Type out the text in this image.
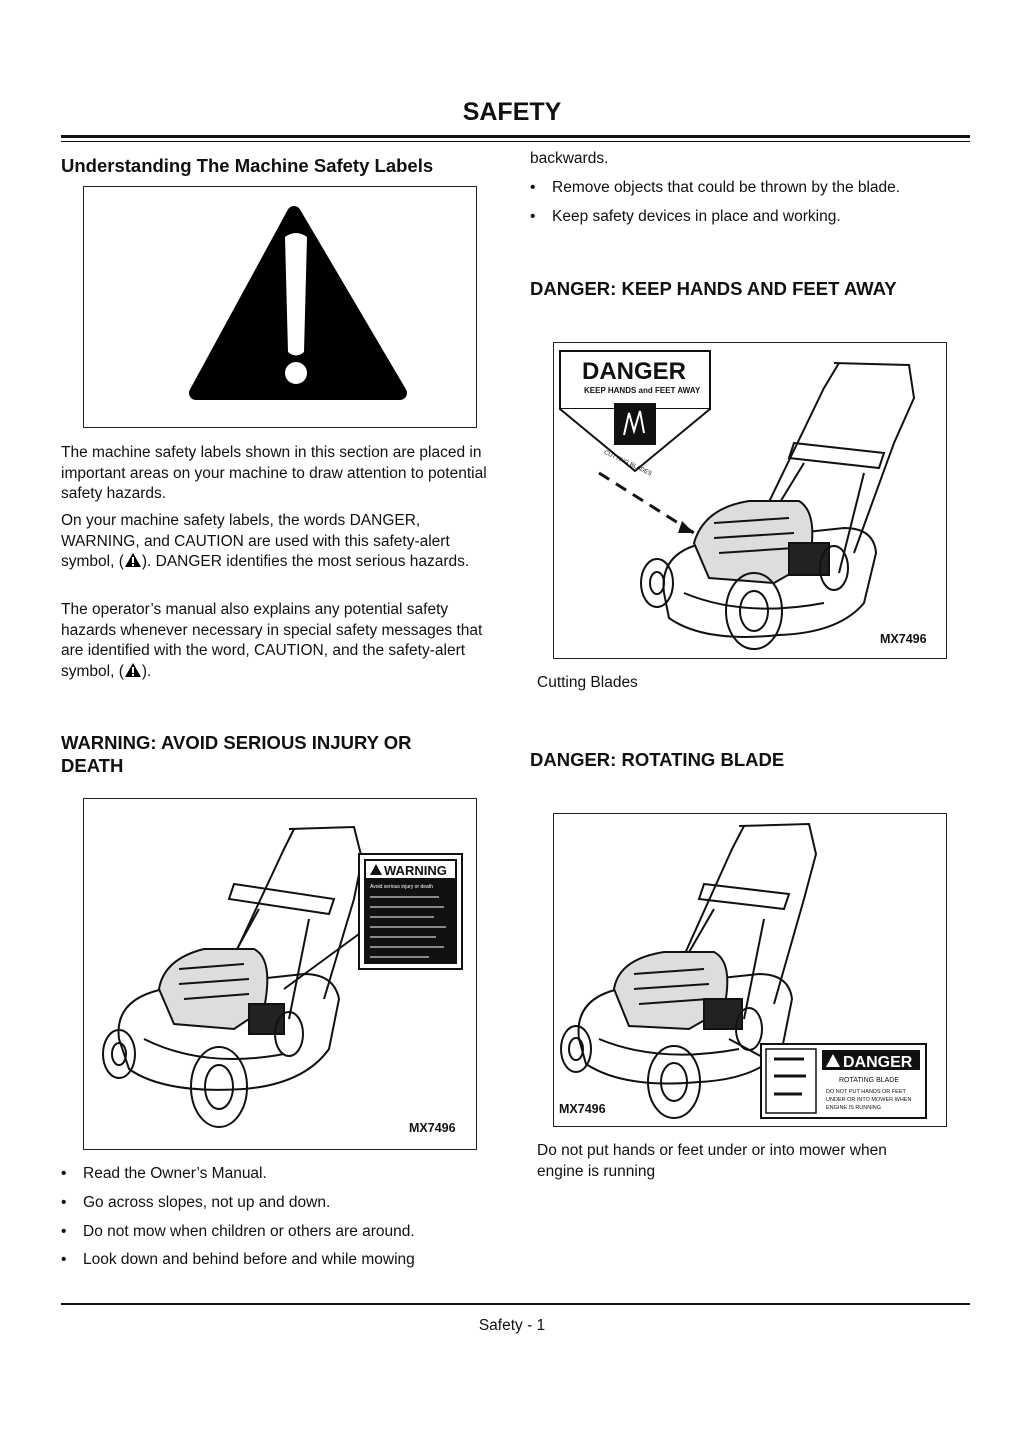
SAFETY
Understanding The Machine Safety Labels
The machine safety labels shown in this section are placed in important areas on your machine to draw attention to potential safety hazards.
On your machine safety labels, the words DANGER, WARNING, and CAUTION are used with this safety-alert symbol, ( ). DANGER identifies the most serious hazards.
The operator’s manual also explains any potential safety hazards whenever necessary in special safety messages that are identified with the word, CAUTION, and the safety-alert symbol, ( ).
WARNING: AVOID SERIOUS INJURY OR DEATH
WARNING
Avoid serious injury or death
MX7496
• Read the Owner’s Manual.
• Go across slopes, not up and down.
• Do not mow when children or others are around.
• Look down and behind before and while mowing
backwards.
• Remove objects that could be thrown by the blade.
• Keep safety devices in place and working.
DANGER: KEEP HANDS AND FEET AWAY
DANGER
KEEP HANDS and FEET AWAY
CUTTING BLADES
MX7496
Cutting Blades
DANGER: ROTATING BLADE
DANGER
ROTATING BLADE
DO NOT PUT HANDS OR FEET
UNDER OR INTO MOWER WHEN
ENGINE IS RUNNING
MX7496
Do not put hands or feet under or into mower when engine is running
Safety - 1
